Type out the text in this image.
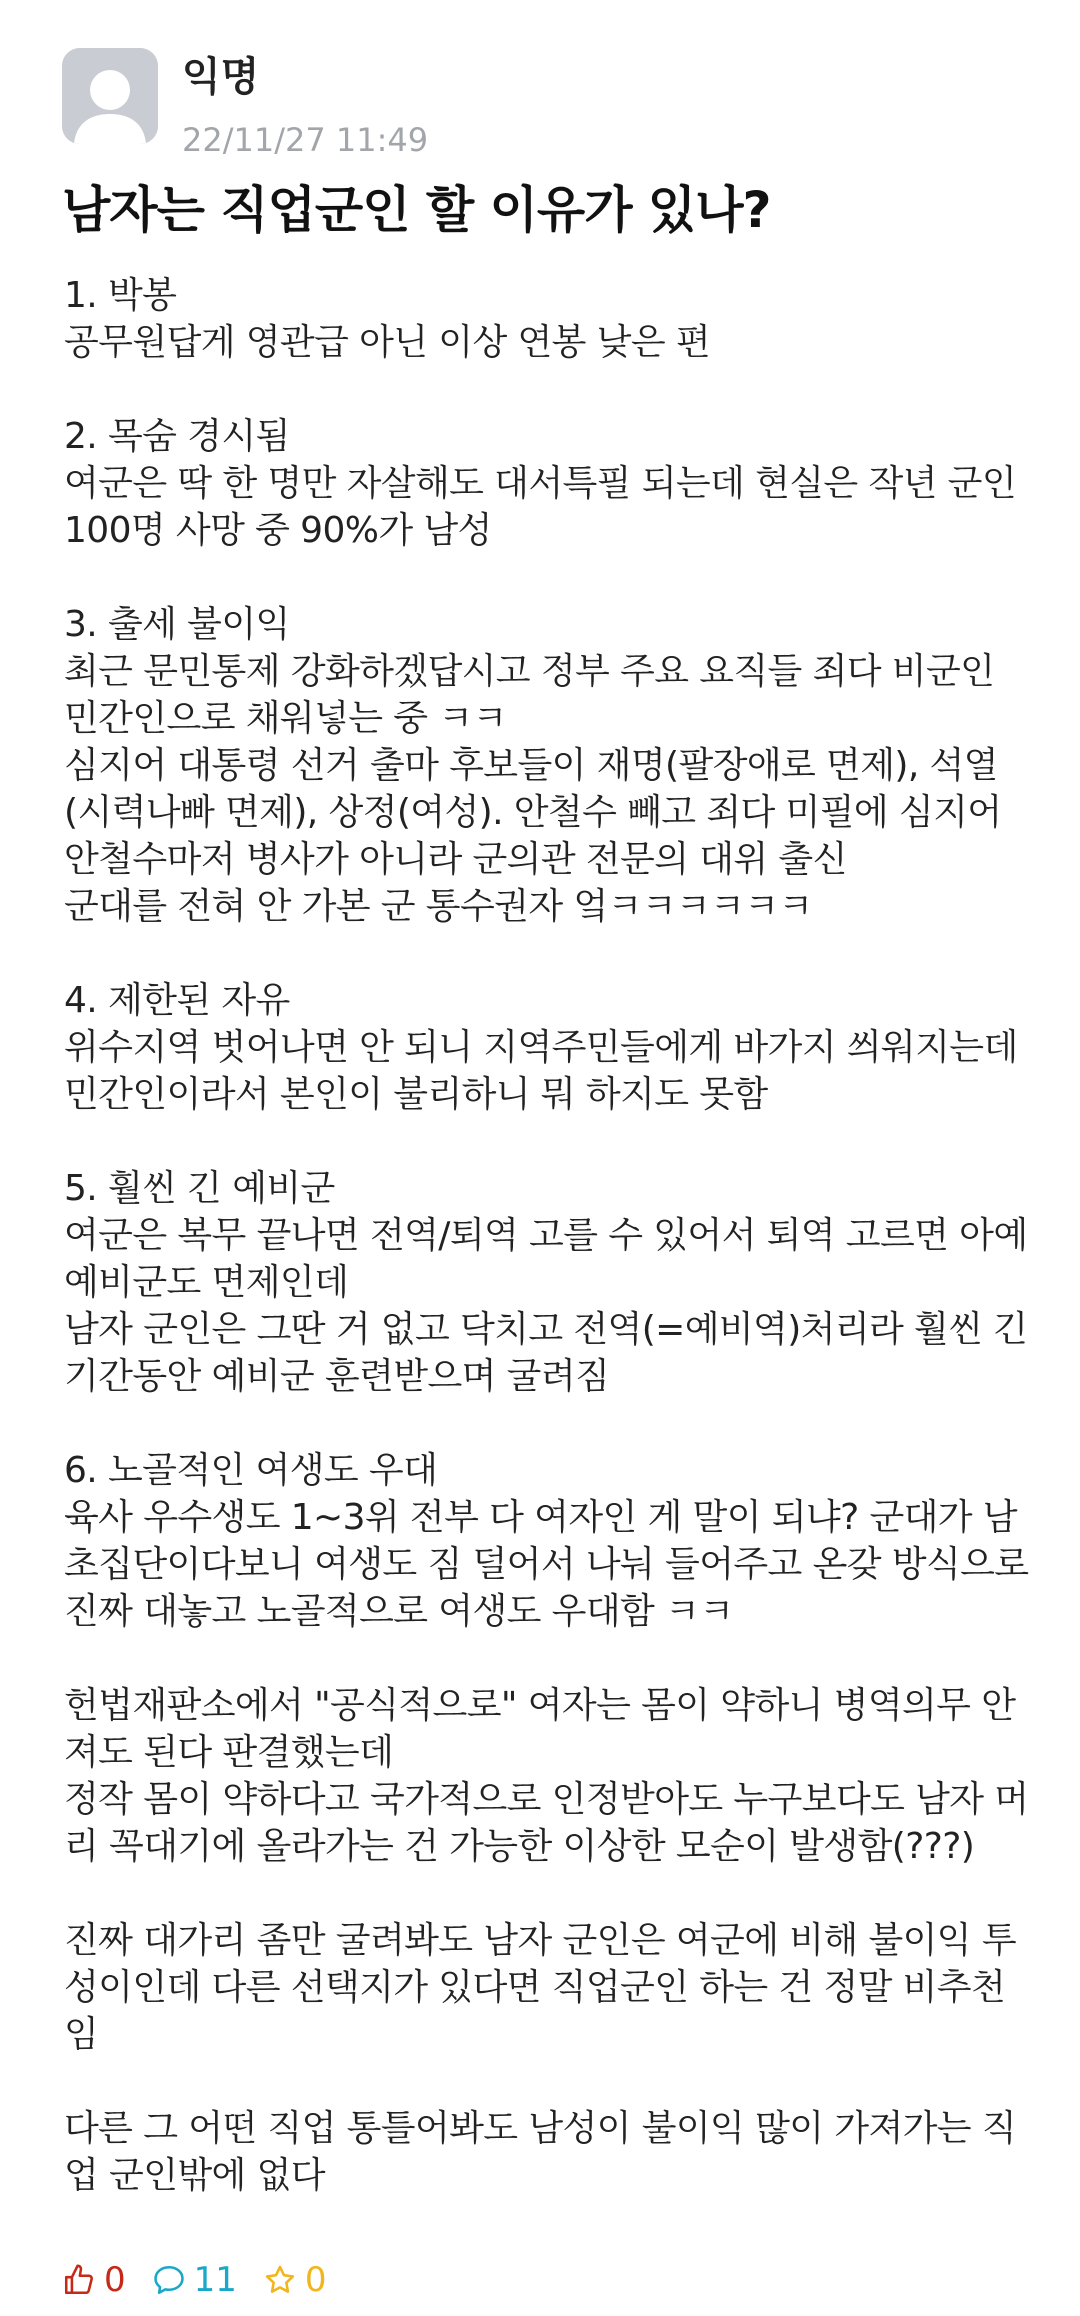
익명
22/11/27 11:49
남자는 직업군인 할 이유가 있나?
1. 박봉
공무원답게 영관급 아닌 이상 연봉 낮은 편
2. 목숨 경시됨
여군은 딱 한 명만 자살해도 대서특필 되는데 현실은 작년 군인
100명 사망 중 90%가 남성
3. 출세 불이익
최근 문민통제 강화하겠답시고 정부 주요 요직들 죄다 비군인
민간인으로 채워넣는 중 ㅋㅋ
심지어 대통령 선거 출마 후보들이 재명(팔장애로 면제), 석열
(시력나빠 면제), 상정(여성). 안철수 빼고 죄다 미필에 심지어
안철수마저 병사가 아니라 군의관 전문의 대위 출신
군대를 전혀 안 가본 군 통수권자 엌ㅋㅋㅋㅋㅋㅋ
4. 제한된 자유
위수지역 벗어나면 안 되니 지역주민들에게 바가지 씌워지는데
민간인이라서 본인이 불리하니 뭐 하지도 못함
5. 훨씬 긴 예비군
여군은 복무 끝나면 전역/퇴역 고를 수 있어서 퇴역 고르면 아예
예비군도 면제인데
남자 군인은 그딴 거 없고 닥치고 전역(=예비역)처리라 훨씬 긴
기간동안 예비군 훈련받으며 굴려짐
6. 노골적인 여생도 우대
육사 우수생도 1~3위 전부 다 여자인 게 말이 되냐? 군대가 남
초집단이다보니 여생도 짐 덜어서 나눠 들어주고 온갖 방식으로
진짜 대놓고 노골적으로 여생도 우대함 ㅋㅋ
헌법재판소에서 "공식적으로" 여자는 몸이 약하니 병역의무 안
져도 된다 판결했는데
정작 몸이 약하다고 국가적으로 인정받아도 누구보다도 남자 머
리 꼭대기에 올라가는 건 가능한 이상한 모순이 발생함(???)
진짜 대가리 좀만 굴려봐도 남자 군인은 여군에 비해 불이익 투
성이인데 다른 선택지가 있다면 직업군인 하는 건 정말 비추천
임
다른 그 어떤 직업 통틀어봐도 남성이 불이익 많이 가져가는 직
업 군인밖에 없다
0 11 0
